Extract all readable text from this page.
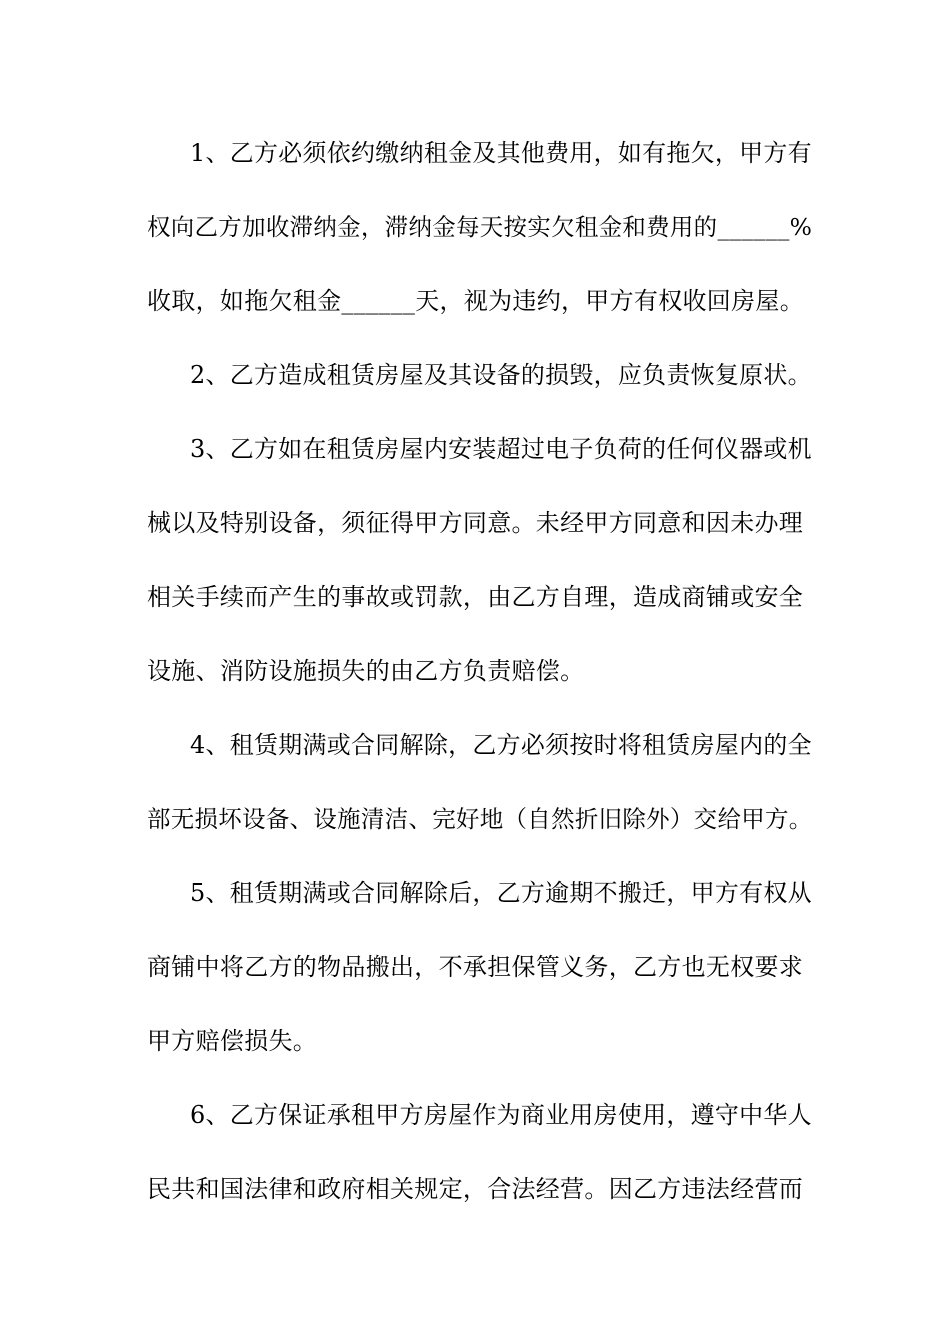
1、乙方必须依约缴纳租金及其他费用，如有拖欠，甲方有
权向乙方加收滞纳金，滞纳金每天按实欠租金和费用的______%
收取，如拖欠租金______天，视为违约，甲方有权收回房屋。
2、乙方造成租赁房屋及其设备的损毁，应负责恢复原状。
3、乙方如在租赁房屋内安装超过电子负荷的任何仪器或机
械以及特别设备，须征得甲方同意。未经甲方同意和因未办理
相关手续而产生的事故或罚款，由乙方自理，造成商铺或安全
设施、消防设施损失的由乙方负责赔偿。
4、租赁期满或合同解除，乙方必须按时将租赁房屋内的全
部无损坏设备、设施清洁、完好地（自然折旧除外）交给甲方。
5、租赁期满或合同解除后，乙方逾期不搬迁，甲方有权从
商铺中将乙方的物品搬出，不承担保管义务，乙方也无权要求
甲方赔偿损失。
6、乙方保证承租甲方房屋作为商业用房使用，遵守中华人
民共和国法律和政府相关规定，合法经营。因乙方违法经营而
